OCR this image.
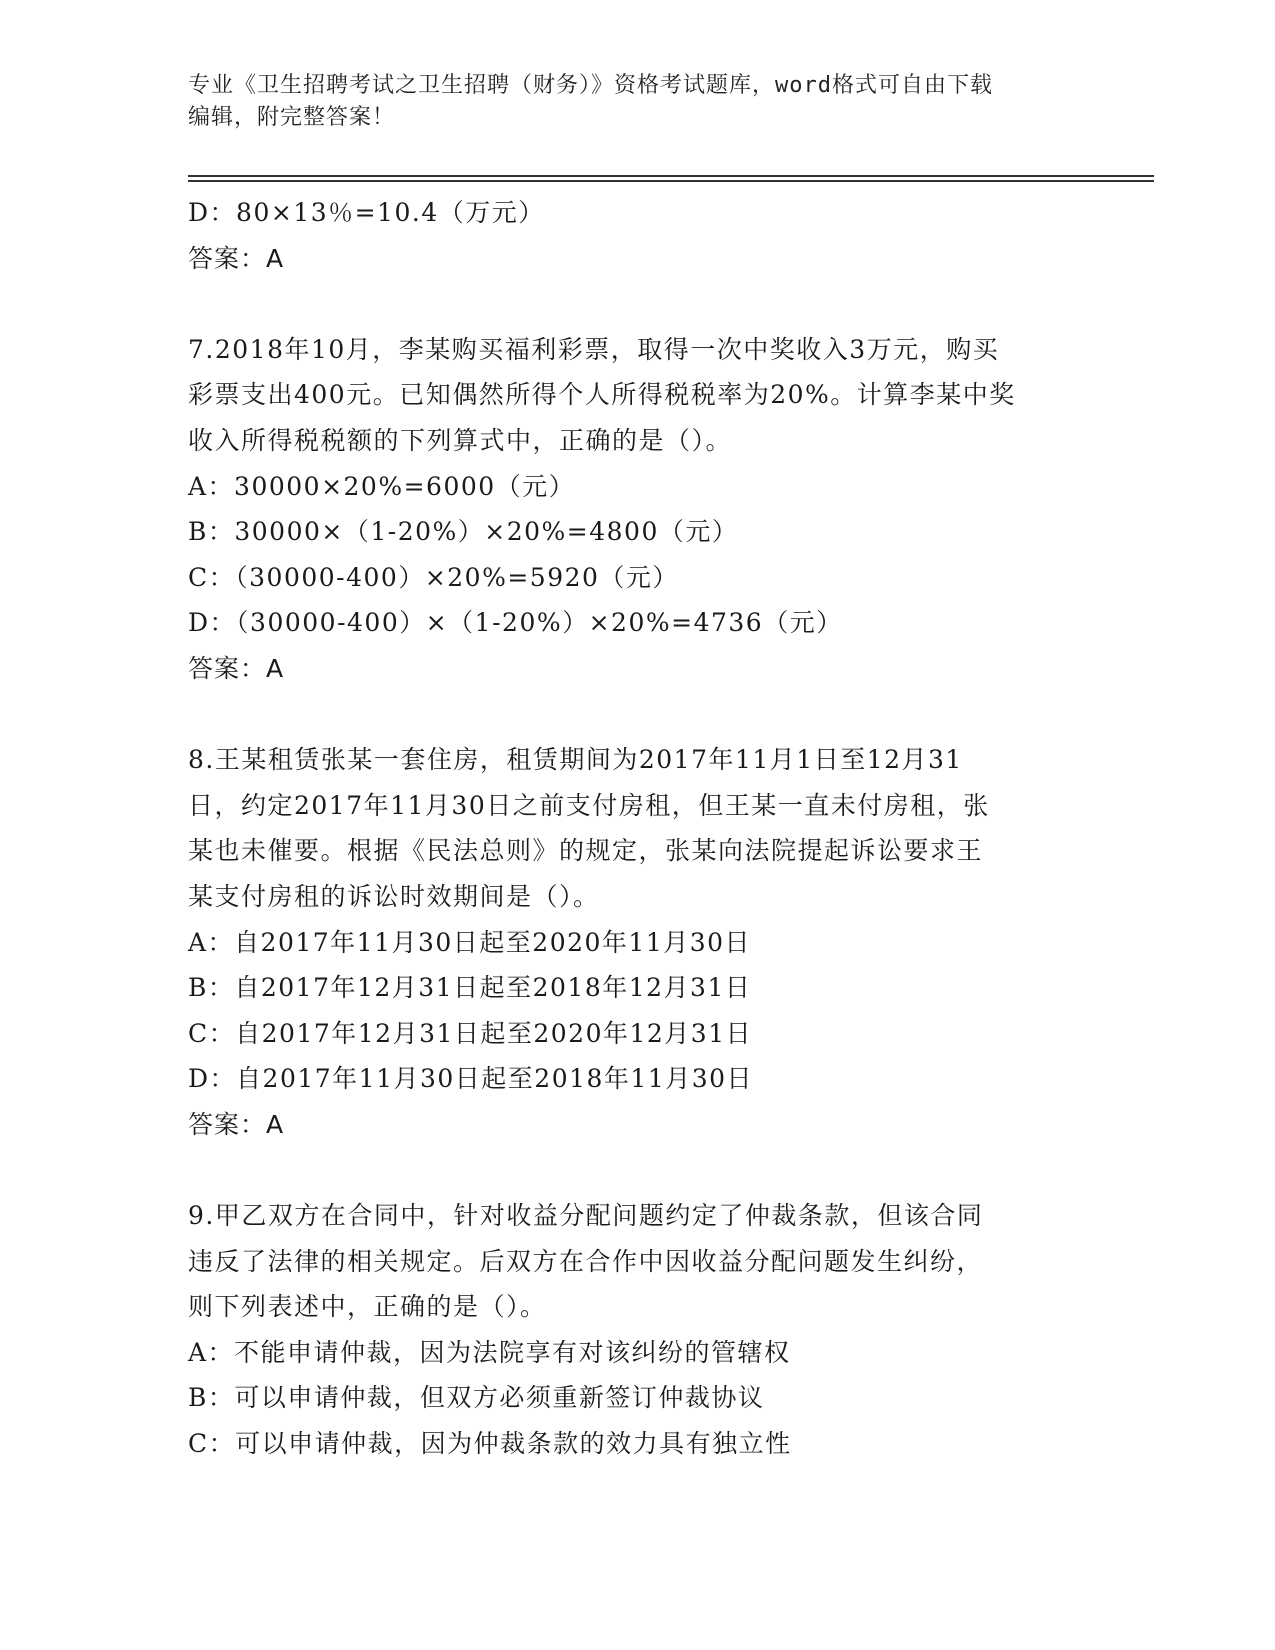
专业《卫生招聘考试之卫生招聘（财务）》资格考试题库，word格式可自由下载
编辑，附完整答案！
D：80×13％=10.4（万元）
答案：A
7.2018年10月，李某购买福利彩票，取得一次中奖收入3万元，购买
彩票支出400元。已知偶然所得个人所得税税率为20%。计算李某中奖
收入所得税税额的下列算式中，正确的是（）。
A：30000×20%=6000（元）
B：30000×（1-20%）×20%=4800（元）
C：（30000-400）×20%=5920（元）
D：（30000-400）×（1-20%）×20%=4736（元）
答案：A
8.王某租赁张某一套住房，租赁期间为2017年11月1日至12月31
日，约定2017年11月30日之前支付房租，但王某一直未付房租，张
某也未催要。根据《民法总则》的规定，张某向法院提起诉讼要求王
某支付房租的诉讼时效期间是（）。
A：自2017年11月30日起至2020年11月30日
B：自2017年12月31日起至2018年12月31日
C：自2017年12月31日起至2020年12月31日
D：自2017年11月30日起至2018年11月30日
答案：A
9.甲乙双方在合同中，针对收益分配问题约定了仲裁条款，但该合同
违反了法律的相关规定。后双方在合作中因收益分配问题发生纠纷，
则下列表述中，正确的是（）。
A：不能申请仲裁，因为法院享有对该纠纷的管辖权
B：可以申请仲裁，但双方必须重新签订仲裁协议
C：可以申请仲裁，因为仲裁条款的效力具有独立性
